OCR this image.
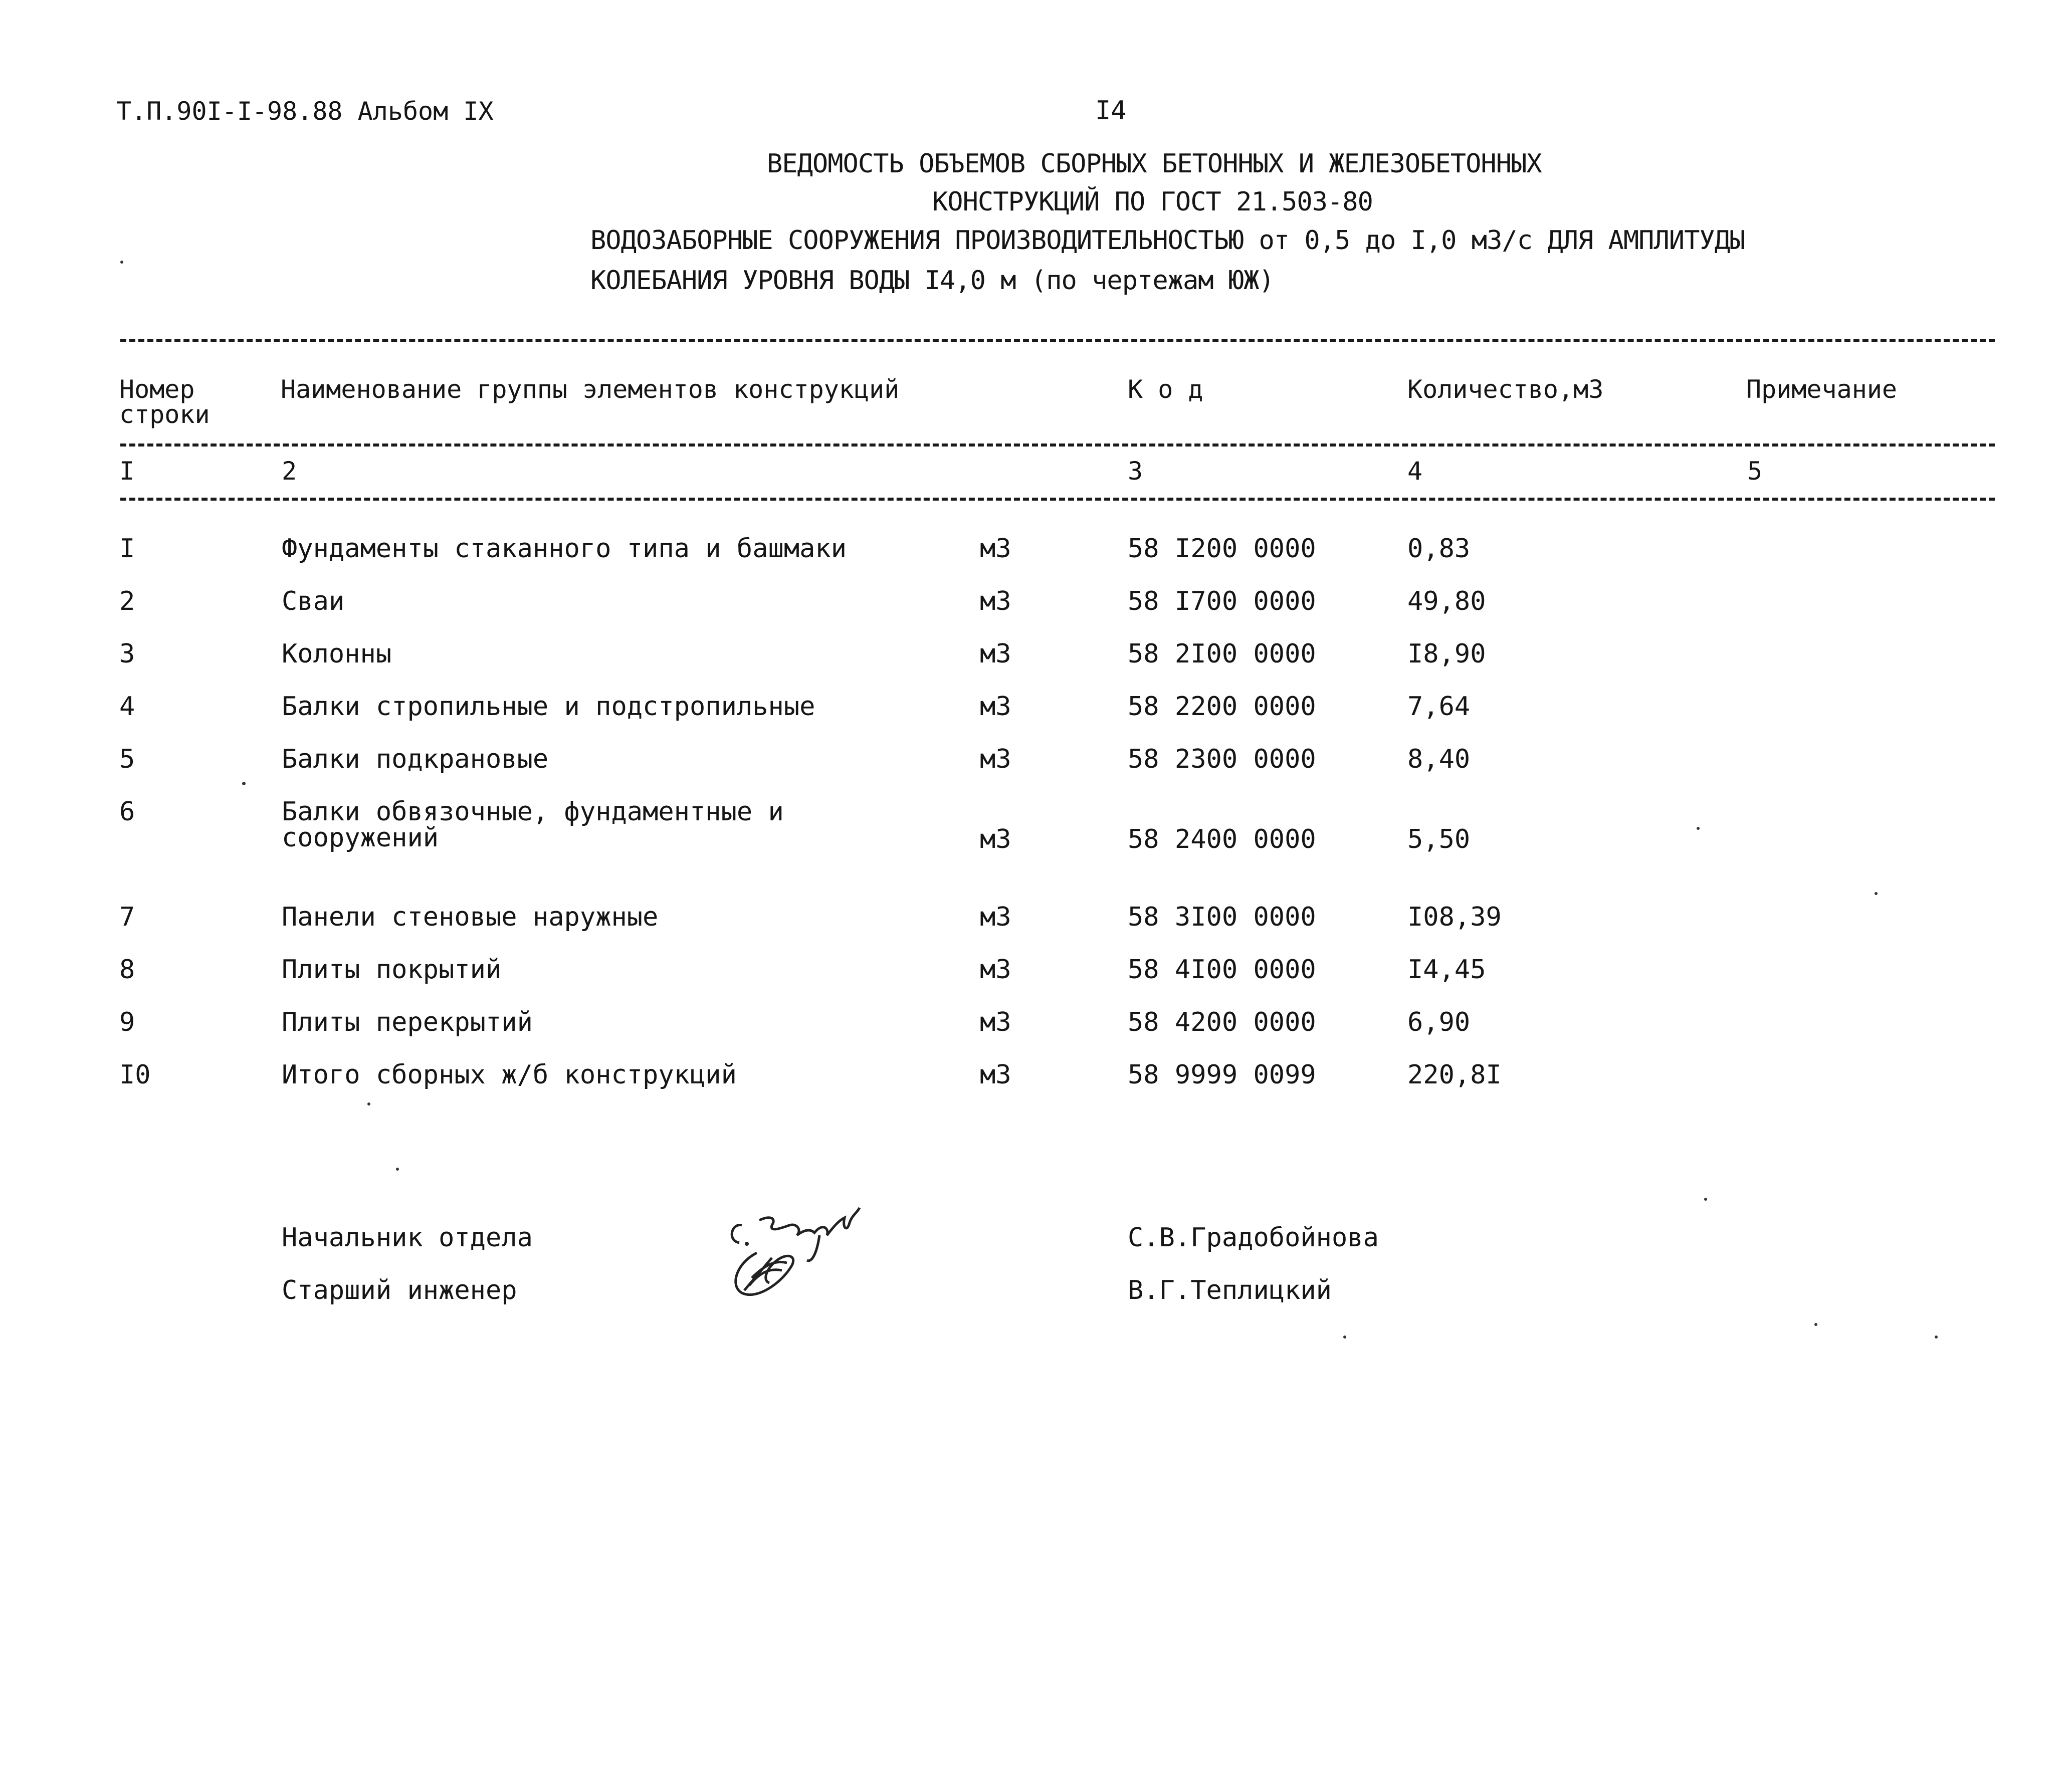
Т.П.90I-I-98.88 Альбом IX	I4
ВЕДОМОСТЬ ОБЪЕМОВ СБОРНЫХ БЕТОННЫХ И ЖЕЛЕЗОБЕТОННЫХ
КОНСТРУКЦИЙ ПО ГОСТ 21.503-80
ВОДОЗАБОРНЫЕ СООРУЖЕНИЯ ПРОИЗВОДИТЕЛЬНОСТЬЮ от 0,5 до I,0 м3/с ДЛЯ АМПЛИТУДЫ
КОЛЕБАНИЯ УРОВНЯ ВОДЫ I4,0 м (по чертежам ЮЖ)
Номер
строки
Наименование группы элементов конструкций	К о д	Количество,м3	Примечание
I	2	3	4	5
I	Фундаменты стаканного типа и башмаки	м3	58 I200 0000	0,83
2	Сваи	м3	58 I700 0000	49,80
3	Колонны	м3	58 2I00 0000	I8,90
4	Балки стропильные и подстропильные	м3	58 2200 0000	7,64
5	Балки подкрановые	м3	58 2300 0000	8,40
6	Балки обвязочные, фундаментные и
сооружений	м3	58 2400 0000	5,50
7	Панели стеновые наружные	м3	58 3I00 0000	I08,39
8	Плиты покрытий	м3	58 4I00 0000	I4,45
9	Плиты перекрытий	м3	58 4200 0000	6,90
I0	Итого сборных ж/б конструкций	м3	58 9999 0099	220,8I
Начальник отдела
Старший инженер
С.В.Градобойнова
В.Г.Теплицкий
